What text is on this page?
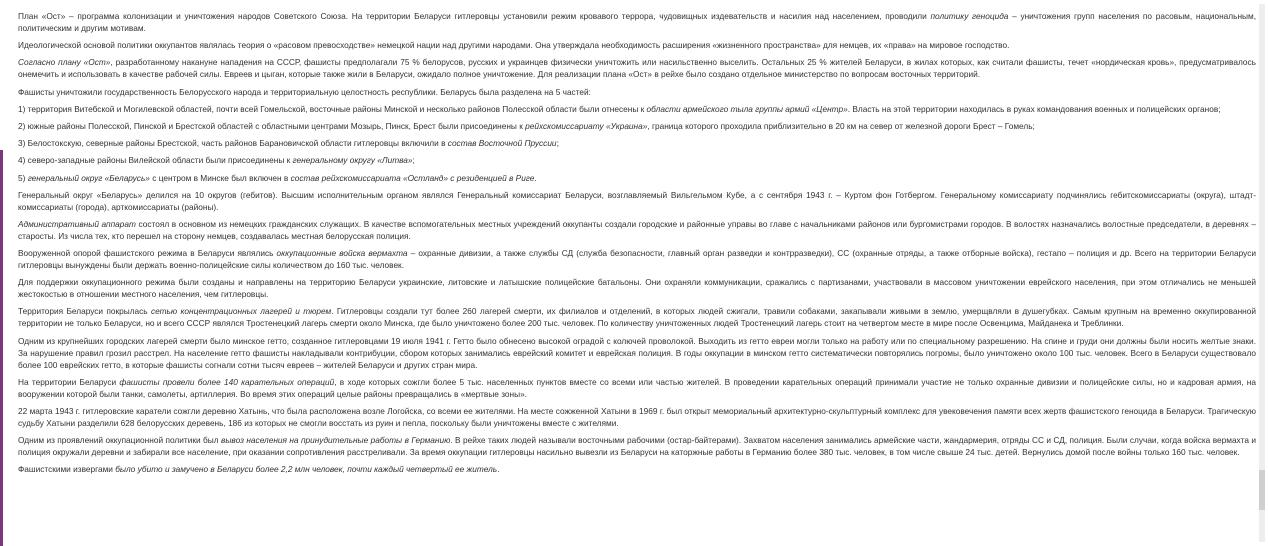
План «Ост» – программа колонизации и уничтожения народов Советского Союза. На территории Беларуси гитлеровцы установили режим кровавого террора, чудовищных издевательств и насилия над населением, проводили политику геноцида – уничтожения групп населения по расовым, национальным, политическим и другим мотивам.

Идеологической основой политики оккупантов являлась теория о «расовом превосходстве» немецкой нации над другими народами. Она утверждала необходимость расширения «жизненного пространства» для немцев, их «права» на мировое господство.

Согласно плану «Ост», разработанному накануне нападения на СССР, фашисты предполагали 75 % белорусов, русских и украинцев физически уничтожить или насильственно выселить. Остальных 25 % жителей Беларуси, в жилах которых, как считали фашисты, течет «нордическая кровь», предусматривалось онемечить и использовать в качестве рабочей силы. Евреев и цыган, которые также жили в Беларуси, ожидало полное уничтожение. Для реализации плана «Ост» в рейхе было создано отдельное министерство по вопросам восточных территорий.

Фашисты уничтожили государственность Белорусского народа и территориальную целостность республики. Беларусь была разделена на 5 частей:

1) территория Витебской и Могилевской областей, почти всей Гомельской, восточные районы Минской и несколько районов Полесской области были отнесены к области армейского тыла группы армий «Центр». Власть на этой территории находилась в руках командования военных и полицейских органов;

2) южные районы Полесской, Пинской и Брестской областей с областными центрами Мозырь, Пинск, Брест были присоединены к рейхскомиссариату «Украина», граница которого проходила приблизительно в 20 км на север от железной дороги Брест – Гомель;

3) Белостокскую, северные районы Брестской, часть районов Барановичской области гитлеровцы включили в состав Восточной Пруссии;

4) северо-западные районы Вилейской области были присоединены к генеральному округу «Литва»;

5) генеральный округ «Беларусь» с центром в Минске был включен в состав рейхскомиссариата «Остланд» с резиденцией в Риге.

Генеральный округ «Беларусь» делился на 10 округов (гебитов). Высшим исполнительным органом являлся Генеральный комиссариат Беларуси, возглавляемый Вильгельмом Кубе, а с сентября 1943 г. – Куртом фон Готбергом. Генеральному комиссариату подчинялись гебитскомиссариаты (округа), штадт-комиссариаты (города), арткомиссариаты (районы).

Административный аппарат состоял в основном из немецких гражданских служащих. В качестве вспомогательных местных учреждений оккупанты создали городские и районные управы во главе с начальниками районов или бургомистрами городов. В волостях назначались волостные председатели, в деревнях – старосты. Из числа тех, кто перешел на сторону немцев, создавалась местная белорусская полиция.

Вооруженной опорой фашистского режима в Беларуси являлись оккупационные войска вермахта – охранные дивизии, а также службы СД (служба безопасности, главный орган разведки и контрразведки), СС (охранные отряды, а также отборные войска), гестапо – полиция и др. Всего на территории Беларуси гитлеровцы вынуждены были держать военно-полицейские силы количеством до 160 тыс. человек.

Для поддержки оккупационного режима были созданы и направлены на территорию Беларуси украинские, литовские и латышские полицейские батальоны. Они охраняли коммуникации, сражались с партизанами, участвовали в массовом уничтожении еврейского населения, при этом отличались не меньшей жестокостью в отношении местного населения, чем гитлеровцы.

Территория Беларуси покрылась сетью концентрационных лагерей и тюрем. Гитлеровцы создали тут более 260 лагерей смерти, их филиалов и отделений, в которых людей сжигали, травили собаками, закапывали живыми в землю, умерщвляли в душегубках. Самым крупным на временно оккупированной территории не только Беларуси, но и всего СССР являлся Тростенецкий лагерь смерти около Минска, где было уничтожено более 200 тыс. человек. По количеству уничтоженных людей Тростенецкий лагерь стоит на четвертом месте в мире после Освенцима, Майданека и Треблинки.

Одним из крупнейших городских лагерей смерти было минское гетто, созданное гитлеровцами 19 июля 1941 г. Гетто было обнесено высокой оградой с колючей проволокой. Выходить из гетто евреи могли только на работу или по специальному разрешению. На спине и груди они должны были носить желтые знаки. За нарушение правил грозил расстрел. На население гетто фашисты накладывали контрибуции, сбором которых занимались еврейский комитет и еврейская полиция. В годы оккупации в минском гетто систематически повторялись погромы, было уничтожено около 100 тыс. человек. Всего в Беларуси существовало более 100 еврейских гетто, в которые фашисты согнали сотни тысяч евреев – жителей Беларуси и других стран мира.

На территории Беларуси фашисты провели более 140 карательных операций, в ходе которых сожгли более 5 тыс. населенных пунктов вместе со всеми или частью жителей. В проведении карательных операций принимали участие не только охранные дивизии и полицейские силы, но и кадровая армия, на вооружении которой были танки, самолеты, артиллерия. Во время этих операций целые районы превращались в «мертвые зоны».

22 марта 1943 г. гитлеровские каратели сожгли деревню Хатынь, что была расположена возле Логойска, со всеми ее жителями. На месте сожженной Хатыни в 1969 г. был открыт мемориальный архитектурно-скульптурный комплекс для увековечения памяти всех жертв фашистского геноцида в Беларуси. Трагическую судьбу Хатыни разделили 628 белорусских деревень, 186 из которых не смогли восстать из руин и пепла, поскольку были уничтожены вместе с жителями.

Одним из проявлений оккупационной политики был вывоз населения на принудительные работы в Германию. В рейхе таких людей называли восточными рабочими (остар-байтерами). Захватом населения занимались армейские части, жандармерия, отряды СС и СД, полиция. Были случаи, когда войска вермахта и полиция окружали деревни и забирали все население, при оказании сопротивления расстреливали. За время оккупации гитлеровцы насильно вывезли из Беларуси на каторжные работы в Германию более 380 тыс. человек, в том числе свыше 24 тыс. детей. Вернулись домой после войны только 160 тыс. человек.

Фашистскими извергами было убито и замучено в Беларуси более 2,2 млн человек, почти каждый четвертый ее житель.
